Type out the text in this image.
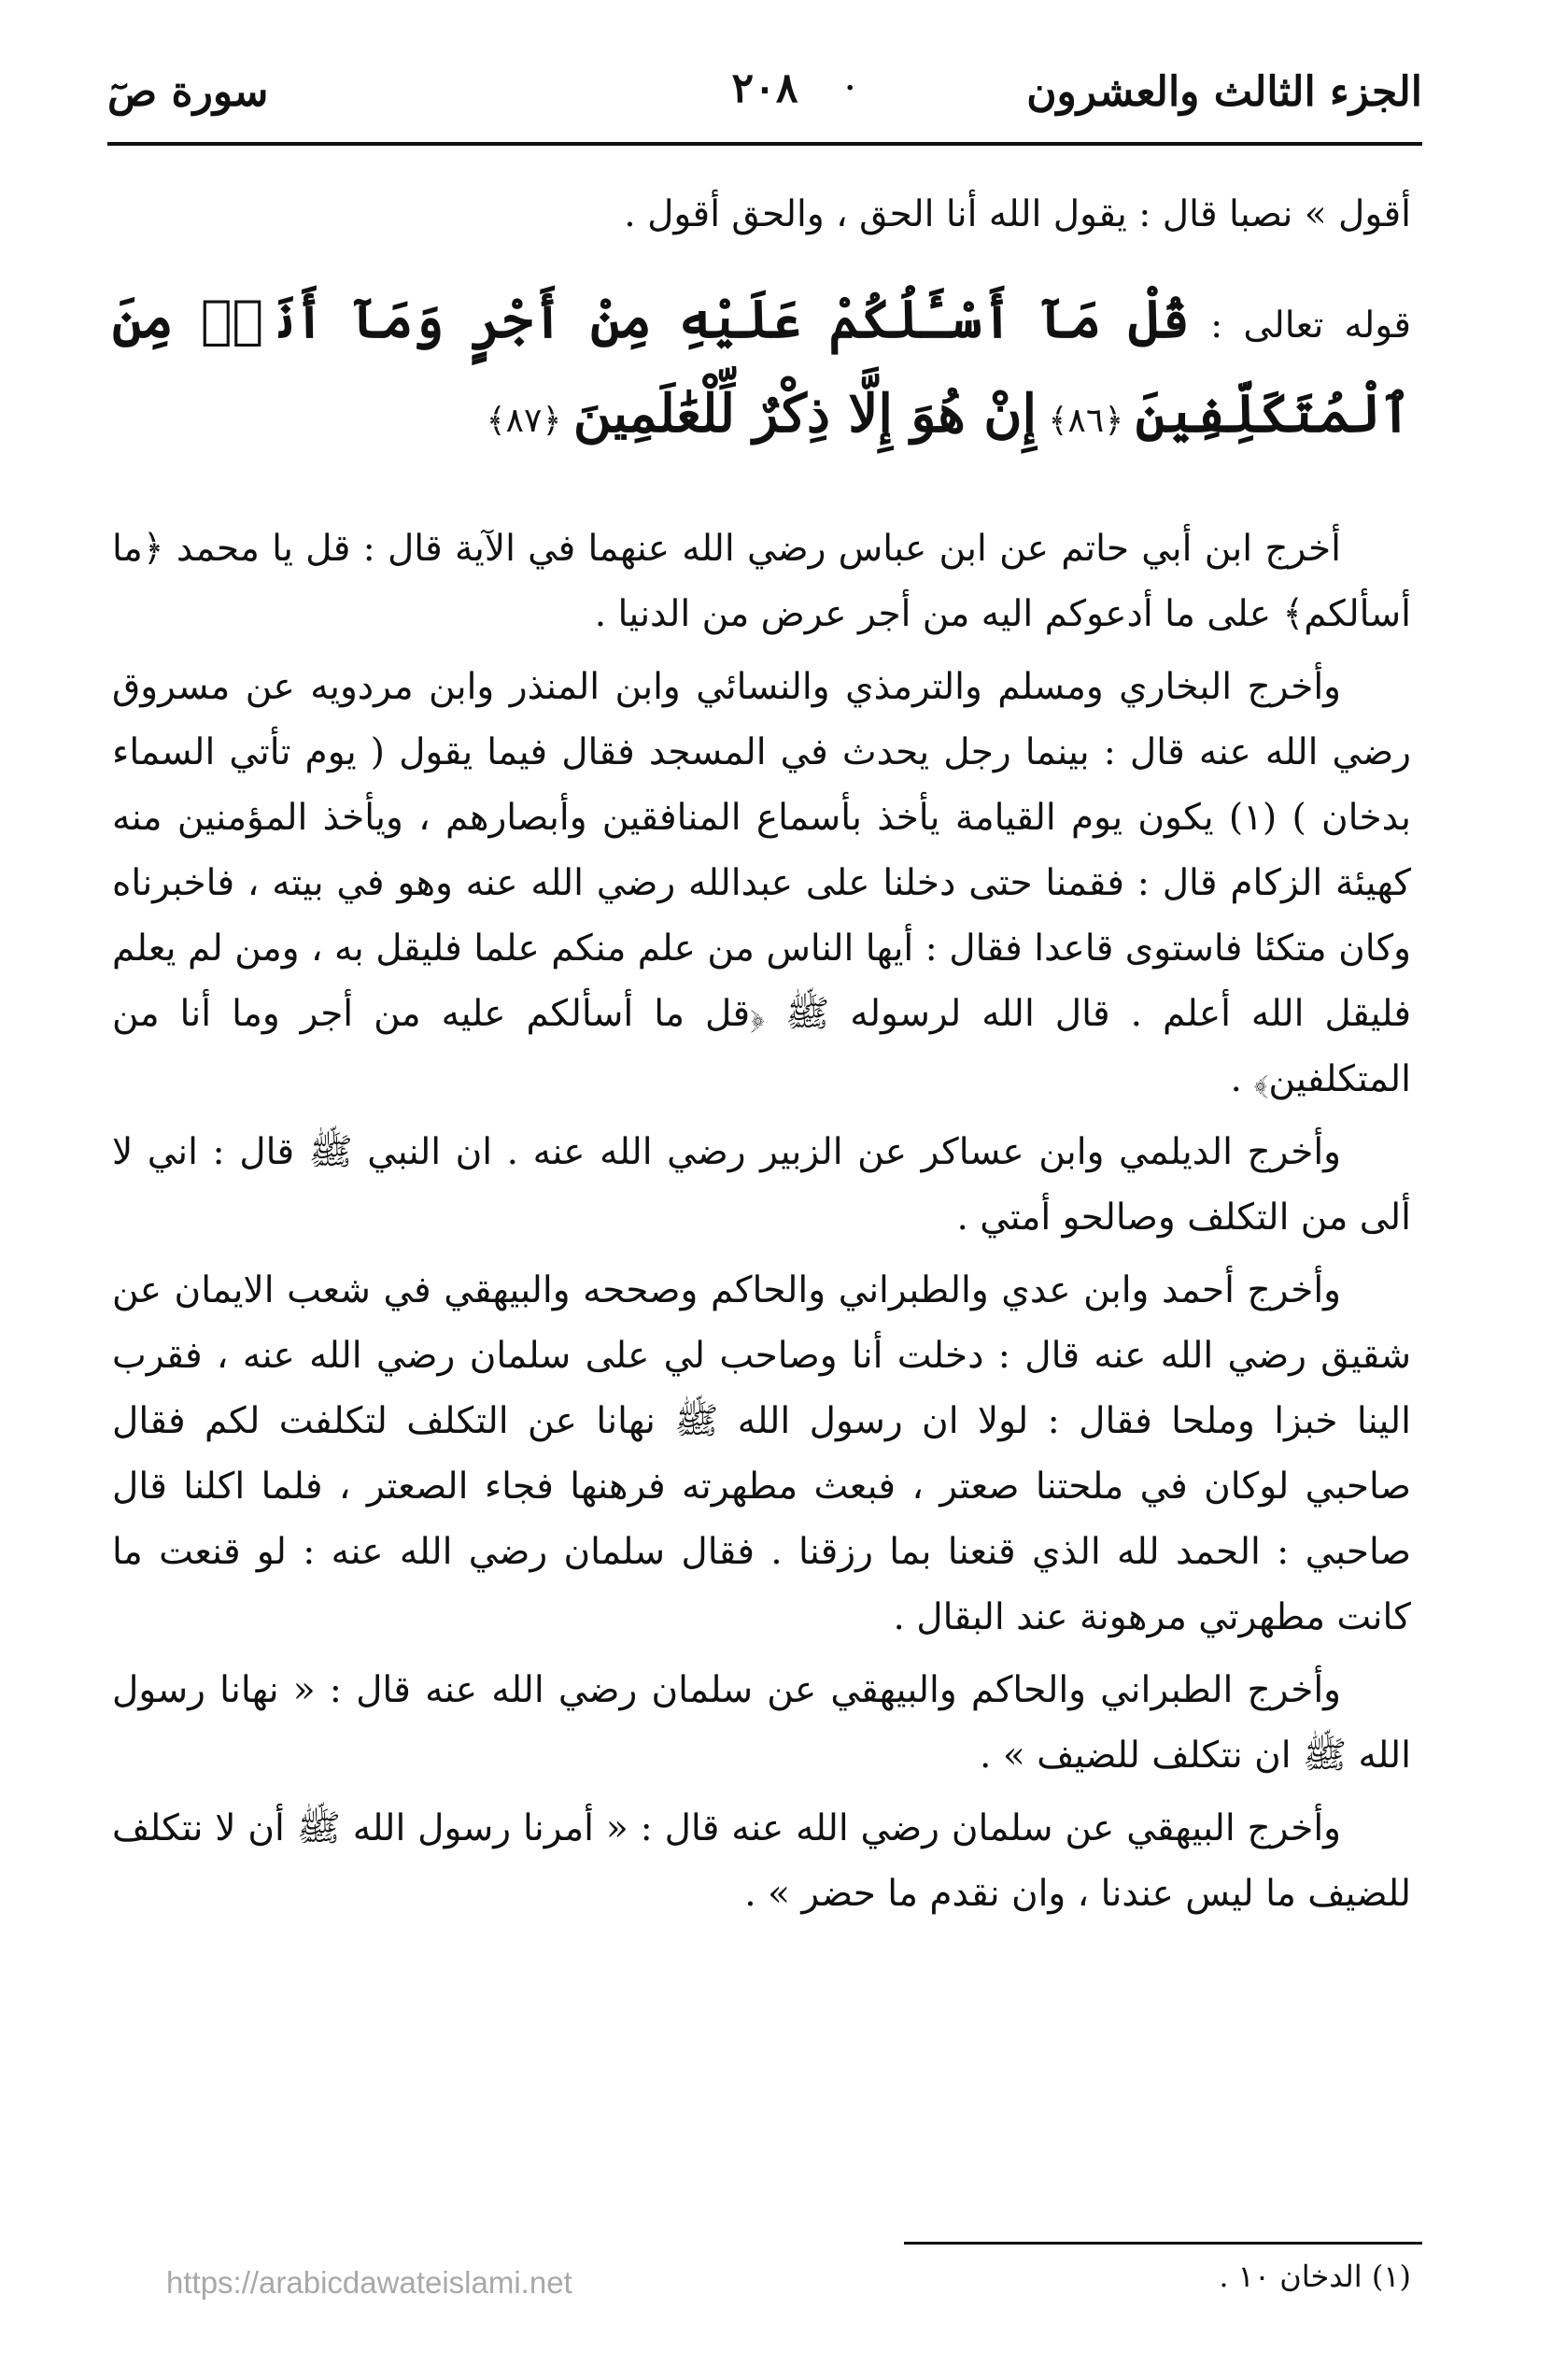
الجزء الثالث والعشرون
٢٠٨	.
سورة صٓ

أقول » نصبا قال : يقول الله أنا الحق ، والحق أقول .

قوله تعالى : قُلْ مَآ أَسْـَٔلُكُمْ عَلَيْهِ مِنْ أَجْرٍ وَمَآ أَنَا۠ مِنَ ٱلْمُتَكَلِّفِينَ ﴿٨٦﴾ إِنْ هُوَ إِلَّا ذِكْرٌ لِّلْعَٰلَمِينَ ﴿٨٧﴾

أخرج ابن أبي حاتم عن ابن عباس رضي الله عنهما في الآية قال : قل يا محمد ﴿ما أسألكم﴾ على ما أدعوكم اليه من أجر عرض من الدنيا .

وأخرج البخاري ومسلم والترمذي والنسائي وابن المنذر وابن مردويه عن مسروق رضي الله عنه قال : بينما رجل يحدث في المسجد فقال فيما يقول ( يوم تأتي السماء بدخان ) (١) يكون يوم القيامة يأخذ بأسماع المنافقين وأبصارهم ، ويأخذ المؤمنين منه كهيئة الزكام قال : فقمنا حتى دخلنا على عبدالله رضي الله عنه وهو في بيته ، فاخبرناه وكان متكئا فاستوى قاعدا فقال : أيها الناس من علم منكم علما فليقل به ، ومن لم يعلم فليقل الله أعلم . قال الله لرسوله ﷺ ﴿قل ما أسألكم عليه من أجر وما أنا من المتكلفين﴾ .

وأخرج الديلمي وابن عساكر عن الزبير رضي الله عنه . ان النبي ﷺ قال : اني لا ألى من التكلف وصالحو أمتي .

وأخرج أحمد وابن عدي والطبراني والحاكم وصححه والبيهقي في شعب الايمان عن شقيق رضي الله عنه قال : دخلت أنا وصاحب لي على سلمان رضي الله عنه ، فقرب الينا خبزا وملحا فقال : لولا ان رسول الله ﷺ نهانا عن التكلف لتكلفت لكم فقال صاحبي لوكان في ملحتنا صعتر ، فبعث مطهرته فرهنها فجاء الصعتر ، فلما اكلنا قال صاحبي : الحمد لله الذي قنعنا بما رزقنا . فقال سلمان رضي الله عنه : لو قنعت ما كانت مطهرتي مرهونة عند البقال .

وأخرج الطبراني والحاكم والبيهقي عن سلمان رضي الله عنه قال : « نهانا رسول الله ﷺ ان نتكلف للضيف » .

وأخرج البيهقي عن سلمان رضي الله عنه قال : « أمرنا رسول الله ﷺ أن لا نتكلف للضيف ما ليس عندنا ، وان نقدم ما حضر » .

(١) الدخان ١٠ .
https://arabicdawateislami.net
